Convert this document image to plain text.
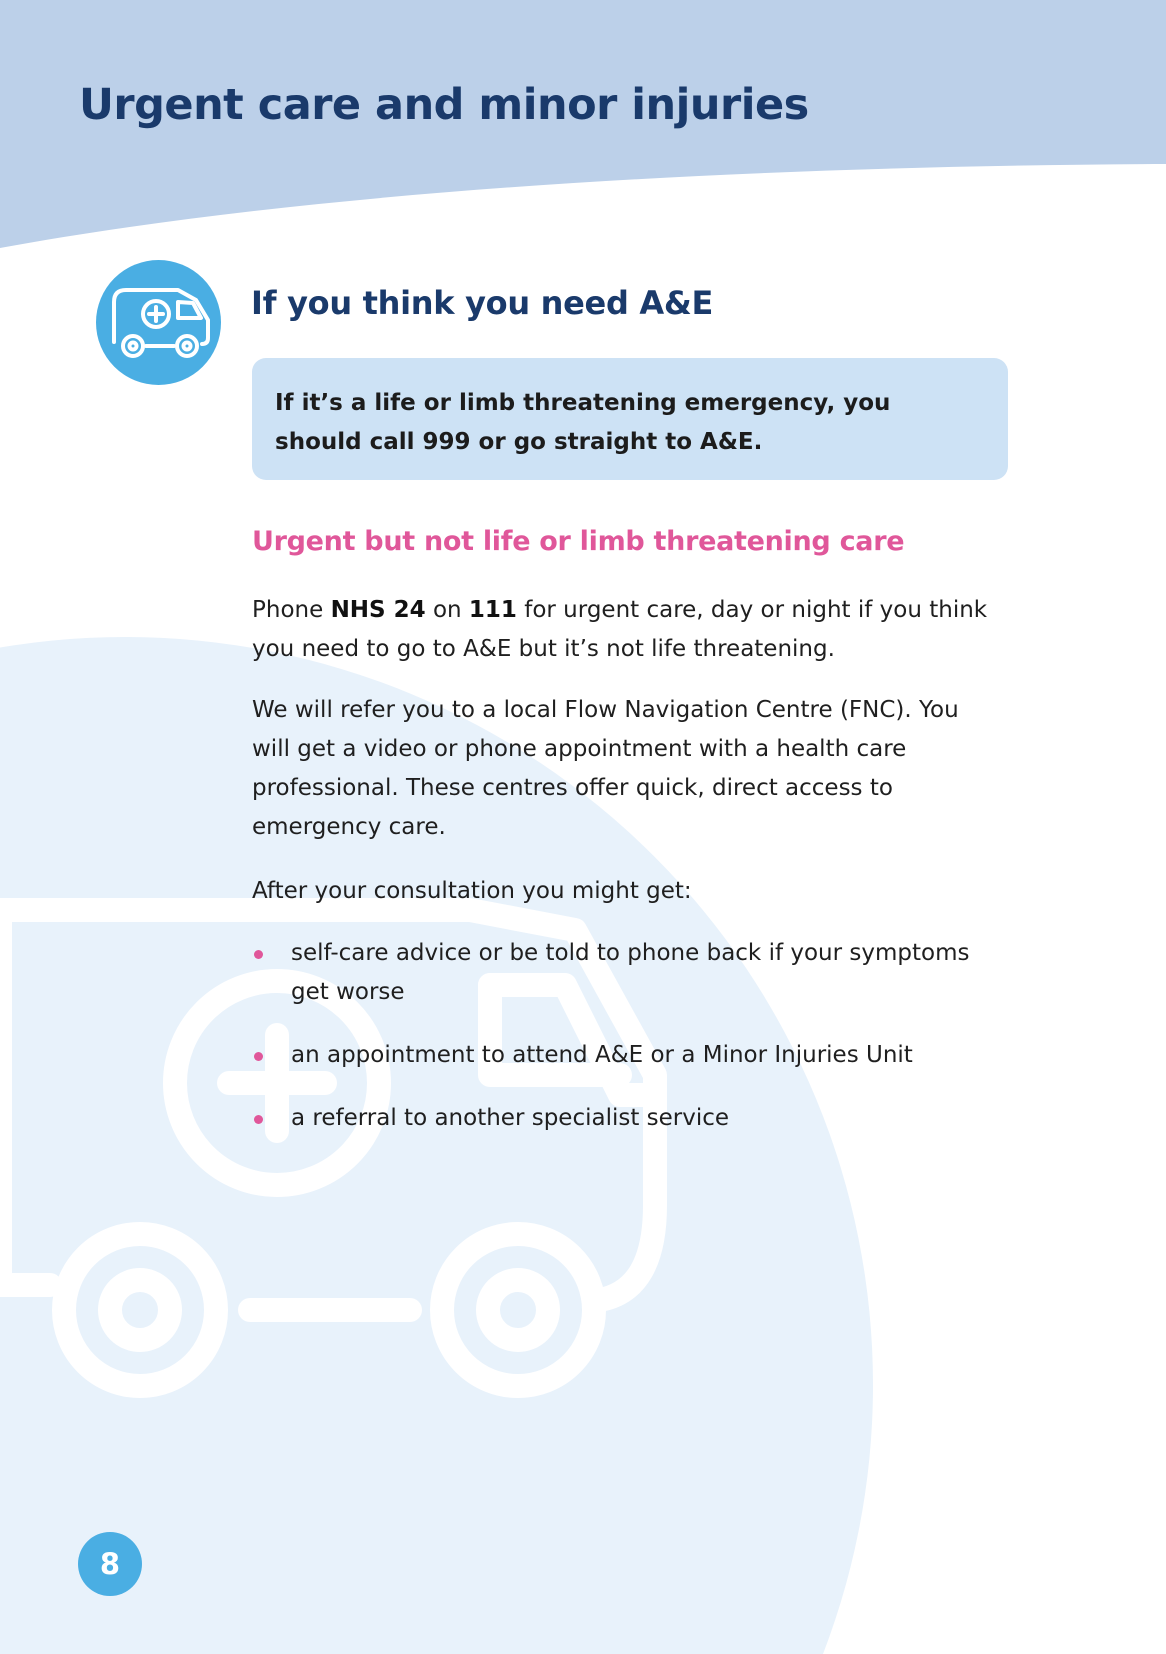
Urgent care and minor injuries
If you think you need A&E

If it’s a life or limb threatening emergency, you should call 999 or go straight to A&E.

Urgent but not life or limb threatening care

Phone NHS 24 on 111 for urgent care, day or night if you think you need to go to A&E but it’s not life threatening.

We will refer you to a local Flow Navigation Centre (FNC). You will get a video or phone appointment with a health care professional. These centres offer quick, direct access to emergency care.

After your consultation you might get:

self-care advice or be told to phone back if your symptoms get worse
an appointment to attend A&E or a Minor Injuries Unit
a referral to another specialist service
8
